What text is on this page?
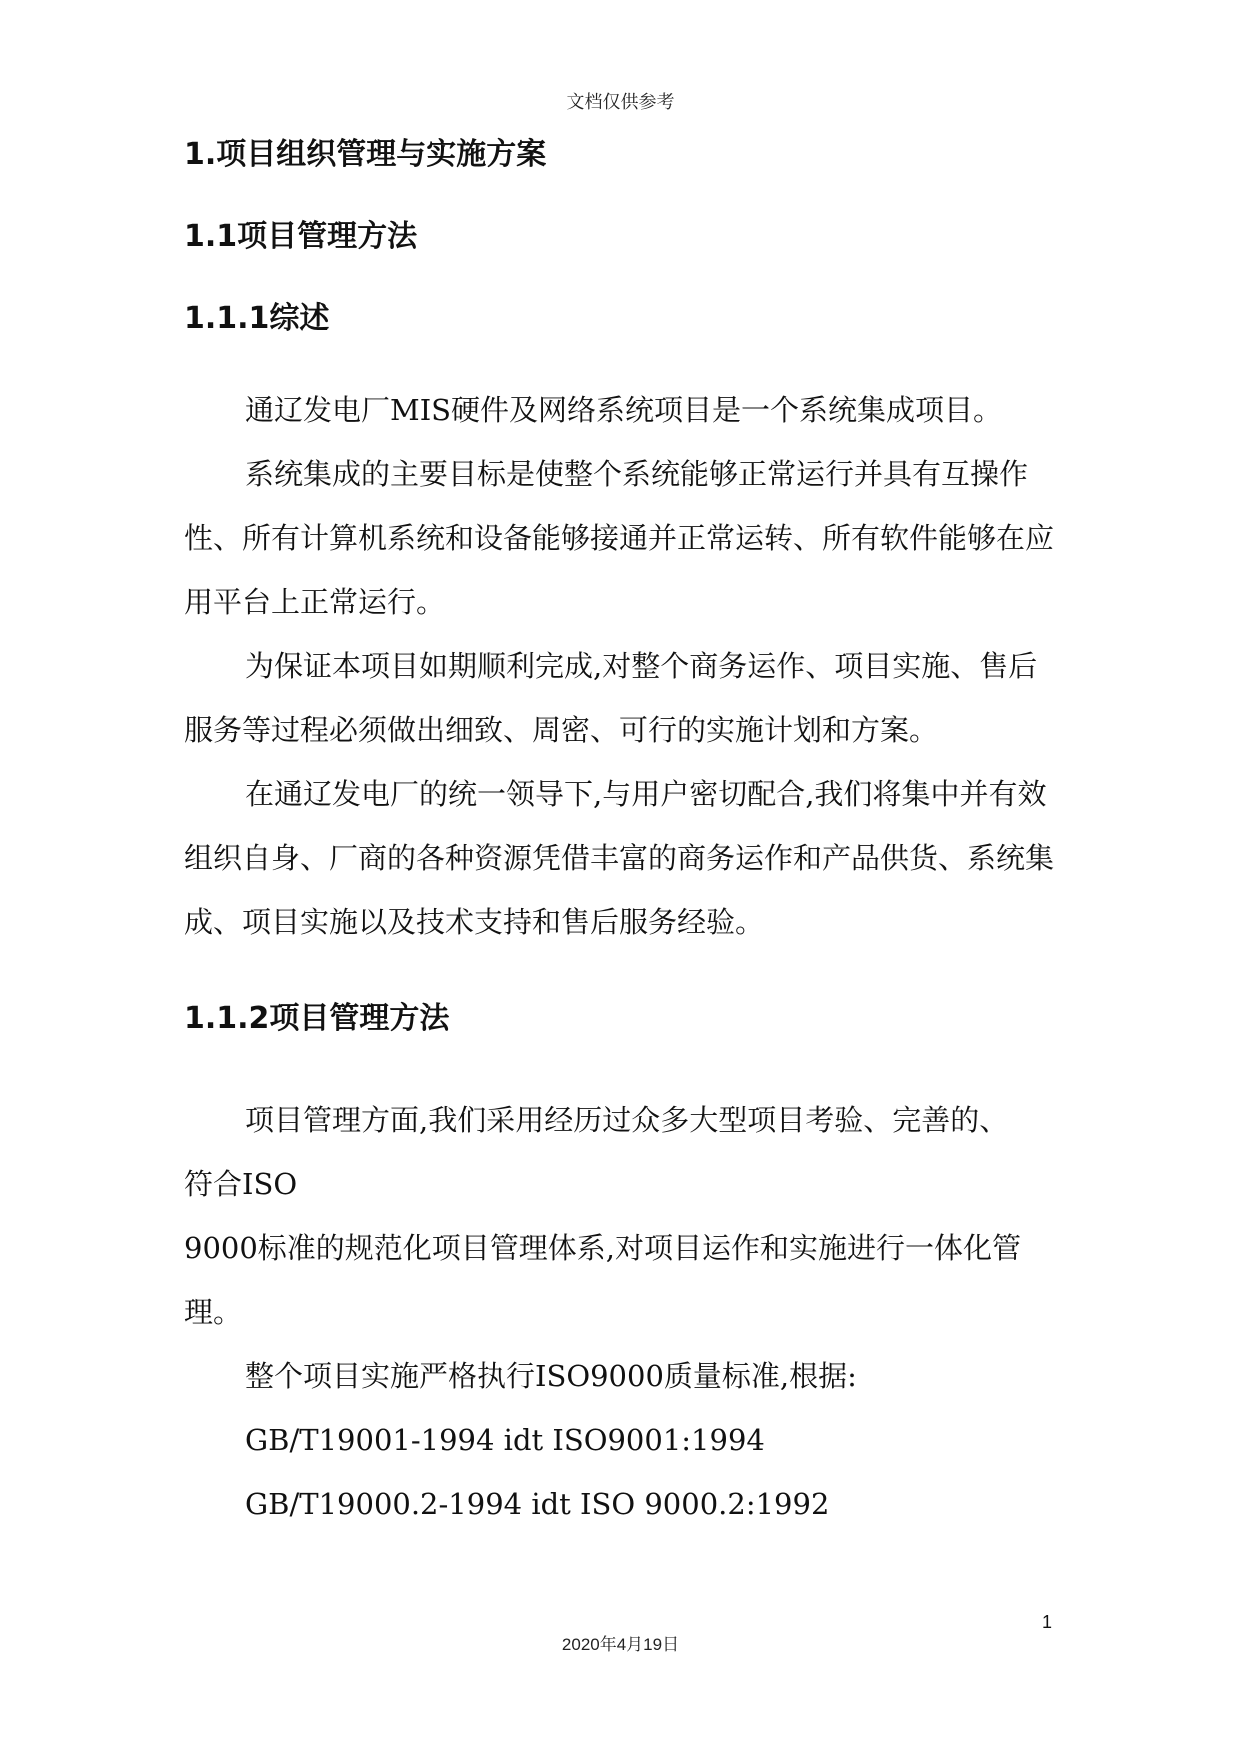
文档仅供参考
1.项目组织管理与实施方案
1.1项目管理方法
1.1.1综述

通辽发电厂MIS硬件及网络系统项目是一个系统集成项目。

系统集成的主要目标是使整个系统能够正常运行并具有互操作性、所有计算机系统和设备能够接通并正常运转、所有软件能够在应用平台上正常运行。

为保证本项目如期顺利完成,对整个商务运作、项目实施、售后服务等过程必须做出细致、周密、可行的实施计划和方案。

在通辽发电厂的统一领导下,与用户密切配合,我们将集中并有效组织自身、厂商的各种资源凭借丰富的商务运作和产品供货、系统集成、项目实施以及技术支持和售后服务经验。

1.1.2项目管理方法

项目管理方面,我们采用经历过众多大型项目考验、完善的、

符合ISO

9000标准的规范化项目管理体系,对项目运作和实施进行一体化管

理。

整个项目实施严格执行ISO9000质量标准,根据:

GB/T19001-1994 idt ISO9001:1994

GB/T19000.2-1994 idt ISO 9000.2:1992

1
2020年4月19日
